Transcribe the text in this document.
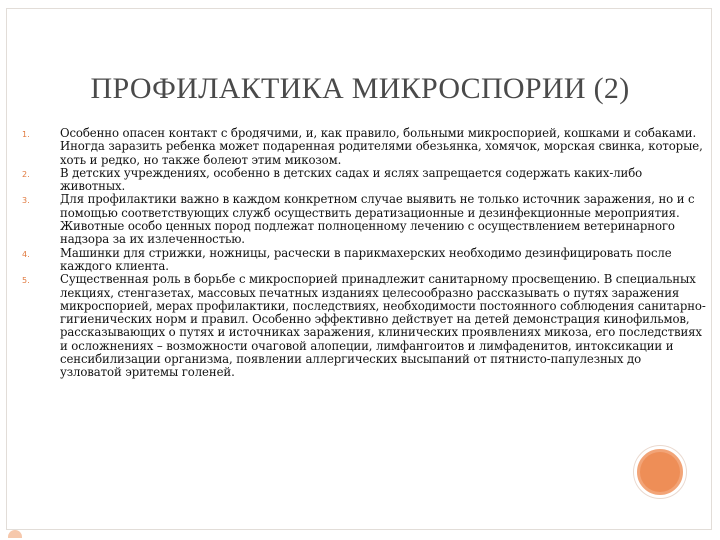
ПРОФИЛАКТИКА МИКРОСПОРИИ (2)
1.	Особенно опасен контакт с бродячими, и, как правило, больными микроспорией, кошками и собаками. Иногда заразить ребенка может подаренная родителями обезьянка, хомячок, морская свинка, которые, хоть и редко, но также болеют этим микозом.
2.	В детских учреждениях, особенно в детских садах и яслях запрещается содержать каких-либо животных.
3.	Для профилактики важно в каждом конкретном случае выявить не только источник заражения, но и с помощью соответствующих служб осуществить дератизационные и дезинфекционные мероприятия. Животные особо ценных пород подлежат полноценному лечению с осуществлением ветеринарного надзора за их излеченностью.
4.	Машинки для стрижки, ножницы, расчески в парикмахерских необходимо дезинфицировать после каждого клиента.
5.	Существенная роль в борьбе с микроспорией принадлежит санитарному просвещению. В специальных лекциях, стенгазетах, массовых печатных изданиях целесообразно рассказывать о путях заражения микроспорией, мерах профилактики, последствиях, необходимости постоянного соблюдения санитарно-гигиенических норм и правил. Особенно эффективно действует на детей демонстрация кинофильмов, рассказывающих о путях и источниках заражения, клинических проявлениях микоза, его последствиях и осложнениях – возможности очаговой алопеции, лимфангоитов и лимфаденитов, интоксикации и сенсибилизации организма, появлении аллергических высыпаний от пятнисто-папулезных до узловатой эритемы голеней.
